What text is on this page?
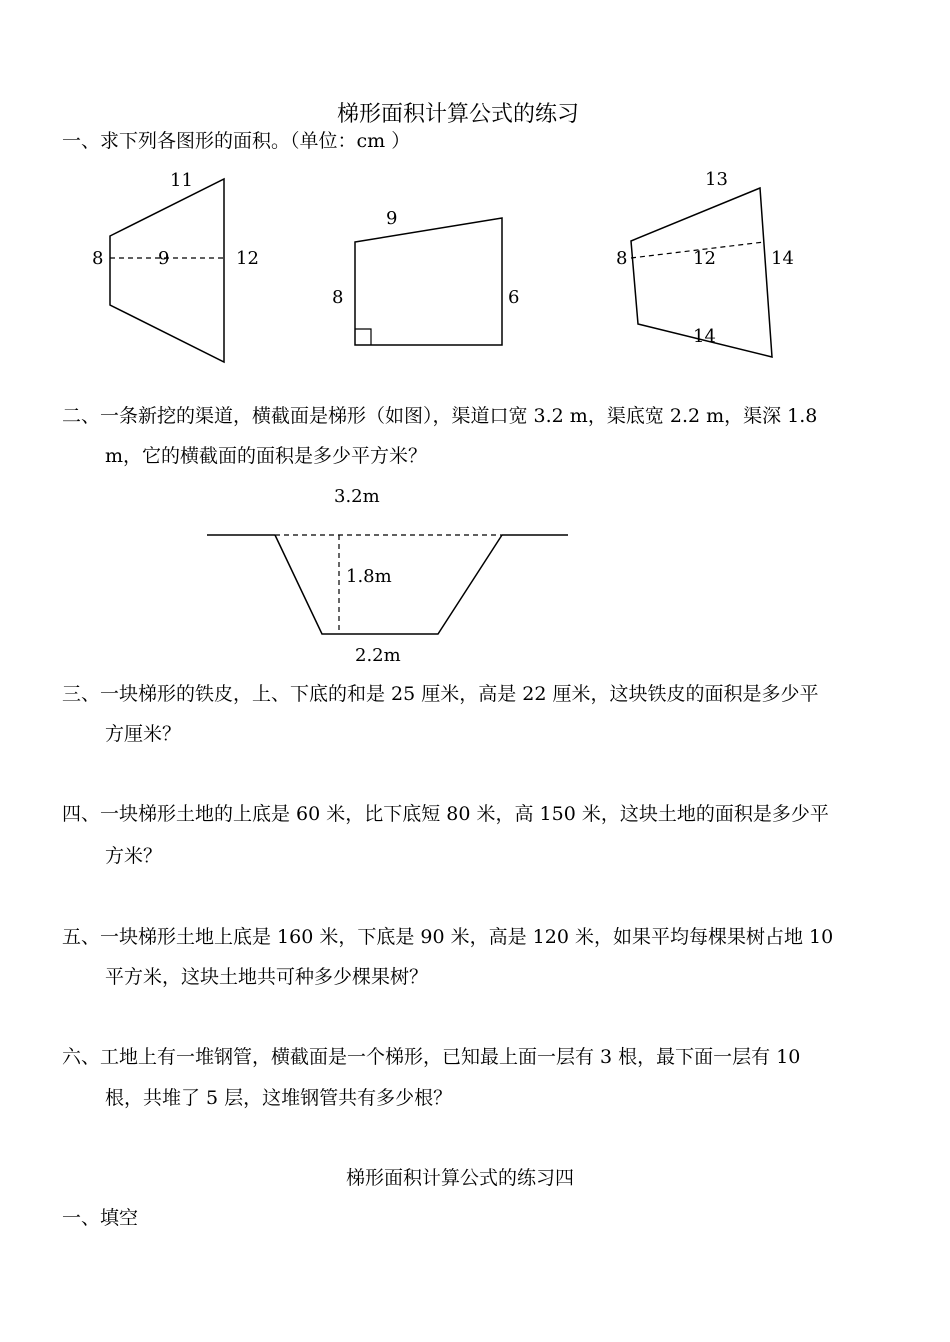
梯形面积计算公式的练习
一、求下列各图形的面积。（单位：cm ）
11
8	9	12
9
8	6
13
8	12	14
14
二、一条新挖的渠道，横截面是梯形（如图），渠道口宽 3.2 m，渠底宽 2.2 m，渠深 1.8
m，它的横截面的面积是多少平方米？
3.2m
1.8m
2.2m
三、一块梯形的铁皮，上、下底的和是 25 厘米，高是 22 厘米，这块铁皮的面积是多少平
方厘米？
四、一块梯形土地的上底是 60 米，比下底短 80 米，高 150 米，这块土地的面积是多少平
方米？
五、一块梯形土地上底是 160 米，下底是 90 米，高是 120 米，如果平均每棵果树占地 10
平方米，这块土地共可种多少棵果树？
六、工地上有一堆钢管，横截面是一个梯形，已知最上面一层有 3 根，最下面一层有 10
根，共堆了 5 层，这堆钢管共有多少根？
梯形面积计算公式的练习四
一、填空
